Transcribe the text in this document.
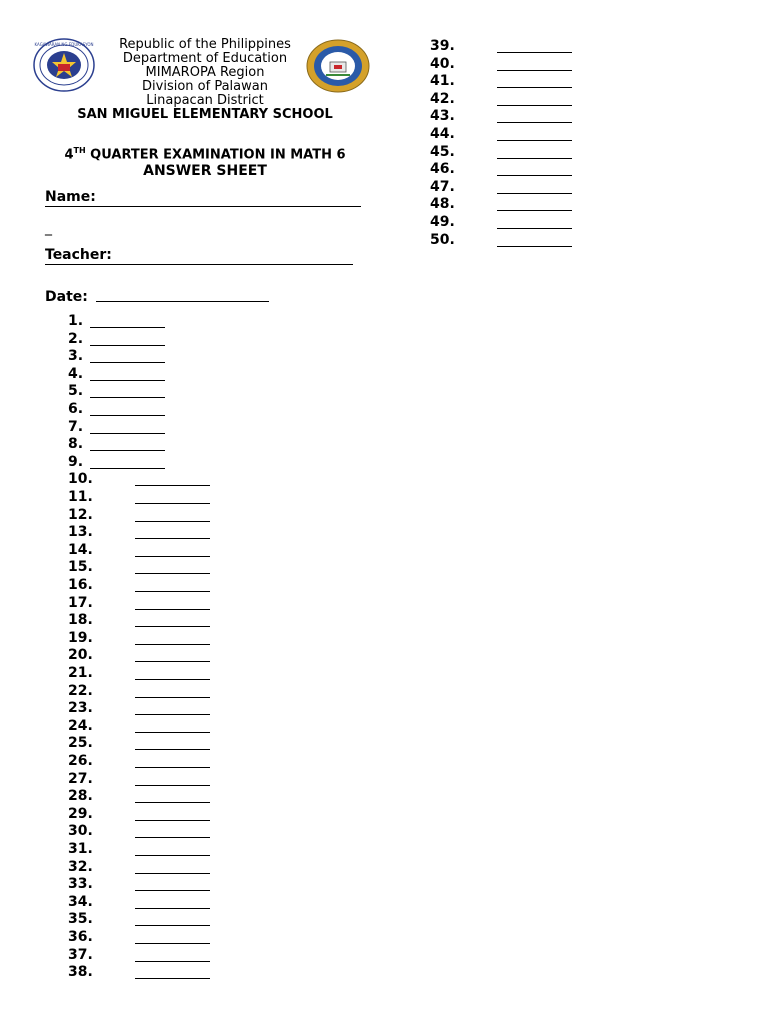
KAGAWARAN NG EDUKASYON	Republic of the Philippines
Department of Education
MIMAROPA Region
Division of Palawan
Linapacan District
SAN MIGUEL ELEMENTARY SCHOOL
4TH QUARTER EXAMINATION IN MATH 6
ANSWER SHEET
Name:
_
Teacher:
Date:
1.
2.
3.
4.
5.
6.
7.
8.
9.
10.
11.
12.
13.
14.
15.
16.
17.
18.
19.
20.
21.
22.
23.
24.
25.
26.
27.
28.
29.
30.
31.
32.
33.
34.
35.
36.
37.
38.
39.
40.
41.
42.
43.
44.
45.
46.
47.
48.
49.
50.
